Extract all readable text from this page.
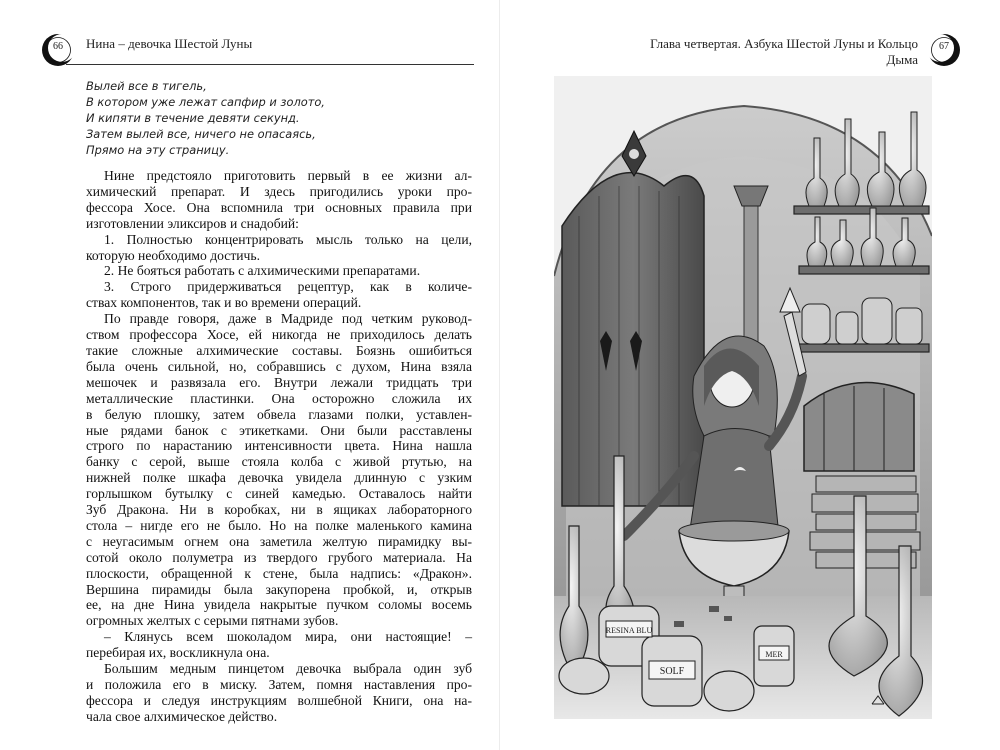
66	Нина – девочка Шестой Луны
Вылей все в тигель,
В котором уже лежат сапфир и золото,
И кипяти в течение девяти секунд.
Затем вылей все, ничего не опасаясь,
Прямо на эту страницу.
Нине предстояло приготовить первый в ее жизни ал-
химический препарат. И здесь пригодились уроки про-
фессора Хосе. Она вспомнила три основных правила при
изготовлении эликсиров и снадобий:
1. Полностью концентрировать мысль только на цели,
которую необходимо достичь.
2. Не бояться работать с алхимическими препаратами.
3. Строго придерживаться рецептур, как в количе-
ствах компонентов, так и во времени операций.
По правде говоря, даже в Мадриде под четким руковод-
ством профессора Хосе, ей никогда не приходилось делать
такие сложные алхимические составы. Боязнь ошибиться
была очень сильной, но, собравшись с духом, Нина взяла
мешочек и развязала его. Внутри лежали тридцать три
металлические пластинки. Она осторожно сложила их
в белую плошку, затем обвела глазами полки, уставлен-
ные рядами банок с этикетками. Они были расставлены
строго по нарастанию интенсивности цвета. Нина нашла
банку с серой, выше стояла колба с живой ртутью, на
нижней полке шкафа девочка увидела длинную с узким
горлышком бутылку с синей камедью. Оставалось найти
Зуб Дракона. Ни в коробках, ни в ящиках лабораторного
стола – нигде его не было. Но на полке маленького камина
с неугасимым огнем она заметила желтую пирамидку вы-
сотой около полуметра из твердого грубого материала. На
плоскости, обращенной к стене, была надпись: «Дракон».
Вершина пирамиды была закупорена пробкой, и, открыв
ее, на дне Нина увидела накрытые пучком соломы восемь
огромных желтых с серыми пятнами зубов.
– Клянусь всем шоколадом мира, они настоящие! –
перебирая их, воскликнула она.
Большим медным пинцетом девочка выбрала один зуб
и положила его в миску. Затем, помня наставления про-
фессора и следуя инструкциям волшебной Книги, она на-
чала свое алхимическое действо.
Глава четвертая. Азбука Шестой Луны и Кольцо Дыма
67
RESINA BLU
SOLF
MER
